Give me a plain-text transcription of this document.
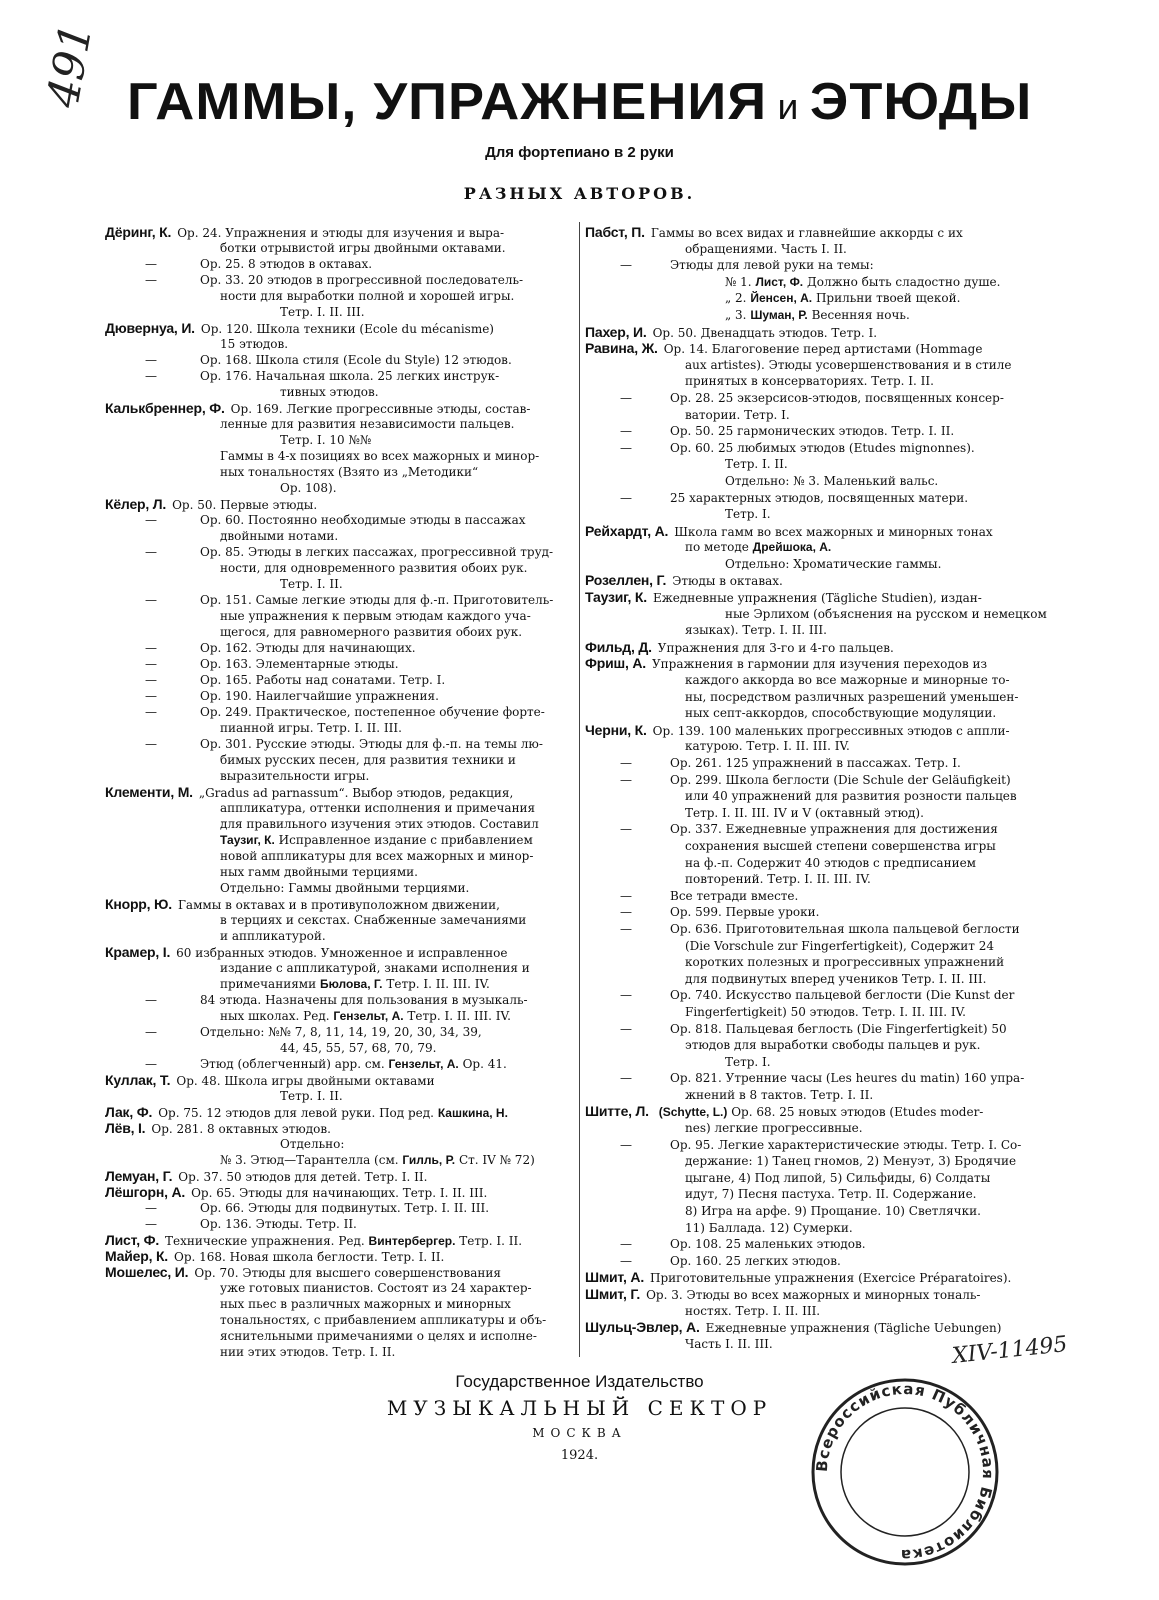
ГАММЫ, УПРАЖНЕНИЯ и ЭТЮДЫ
Для фортепиано в 2 руки
РАЗНЫХ АВТОРОВ.
Дёринг, К. Ор. 24. Упражнения и этюды для изучения и выра-
ботки отрывистой игры двойными октавами.
—	Ор. 25. 8 этюдов в октавах.
—	Ор. 33. 20 этюдов в прогрессивной последователь-
ности для выработки полной и хорошей игры.
Тетр. I. II. III.
Дювернуа, И. Ор. 120. Школа техники (Ecole du mécanisme)
15 этюдов.
—	Ор. 168. Школа стиля (Ecole du Style) 12 этюдов.
—	Ор. 176. Начальная школа. 25 легких инструк-
тивных этюдов.
Калькбреннер, Ф. Ор. 169. Легкие прогрессивные этюды, состав-
ленные для развития независимости пальцев.
Тетр. I. 10 №№
Гаммы в 4-х позициях во всех мажорных и минор-
ных тональностях (Взято из „Методики“
Ор. 108).
Кёлер, Л. Ор. 50. Первые этюды.
—	Ор. 60. Постоянно необходимые этюды в пассажах
двойными нотами.
—	Ор. 85. Этюды в легких пассажах, прогрессивной труд-
ности, для одновременного развития обоих рук.
Тетр. I. II.
—	Ор. 151. Самые легкие этюды для ф.-п. Приготовитель-
ные упражнения к первым этюдам каждого уча-
щегося, для равномерного развития обоих рук.
—	Ор. 162. Этюды для начинающих.
—	Ор. 163. Элементарные этюды.
—	Ор. 165. Работы над сонатами. Тетр. I.
—	Ор. 190. Наилегчайшие упражнения.
—	Ор. 249. Практическое, постепенное обучение форте-
пианной игры. Тетр. I. II. III.
—	Ор. 301. Русские этюды. Этюды для ф.-п. на темы лю-
бимых русских песен, для развития техники и
выразительности игры.
Клементи, М. „Gradus ad parnassum“. Выбор этюдов, редакция,
аппликатура, оттенки исполнения и примечания
для правильного изучения этих этюдов. Составил
Таузиг, К. Исправленное издание с прибавлением
новой аппликатуры для всех мажорных и минор-
ных гамм двойными терциями.
Отдельно: Гаммы двойными терциями.
Кнорр, Ю. Гаммы в октавах и в противуположном движении,
в терциях и секстах. Снабженные замечаниями
и аппликатурой.
Крамер, I. 60 избранных этюдов. Умноженное и исправленное
издание с аппликатурой, знаками исполнения и
примечаниями Бюлова, Г. Тетр. I. II. III. IV.
—	84 этюда. Назначены для пользования в музыкаль-
ных школах. Ред. Гензельт, А. Тетр. I. II. III. IV.
—	Отдельно: №№ 7, 8, 11, 14, 19, 20, 30, 34, 39,
44, 45, 55, 57, 68, 70, 79.
—	Этюд (облегченный) арр. см. Гензельт, А. Ор. 41.
Куллак, Т. Ор. 48. Школа игры двойными октавами
Тетр. I. II.
Лак, Ф. Ор. 75. 12 этюдов для левой руки. Под ред. Кашкина, Н.
Лёв, I. Ор. 281. 8 октавных этюдов.
Отдельно:
№ 3. Этюд—Тарантелла (см. Гилль, Р. Ст. IV № 72)
Лемуан, Г. Ор. 37. 50 этюдов для детей. Тетр. I. II.
Лёшгорн, А. Ор. 65. Этюды для начинающих. Тетр. I. II. III.
—	Ор. 66. Этюды для подвинутых. Тетр. I. II. III.
—	Ор. 136. Этюды. Тетр. II.
Лист, Ф. Технические упражнения. Ред. Винтербергер. Тетр. I. II.
Майер, К. Ор. 168. Новая школа беглости. Тетр. I. II.
Мошелес, И. Ор. 70. Этюды для высшего совершенствования
уже готовых пианистов. Состоят из 24 характер-
ных пьес в различных мажорных и минорных
тональностях, с прибавлением аппликатуры и объ-
яснительными примечаниями о целях и исполне-
нии этих этюдов. Тетр. I. II.
Пабст, П. Гаммы во всех видах и главнейшие аккорды с их
обращениями. Часть I. II.
—	Этюды для левой руки на темы:
№ 1. Лист, Ф. Должно быть сладостно душе.
„ 2. Йенсен, А. Прильни твоей щекой.
„ 3. Шуман, Р. Весенняя ночь.
Пахер, И. Ор. 50. Двенадцать этюдов. Тетр. I.
Равина, Ж. Ор. 14. Благоговение перед артистами (Hommage
aux artistes). Этюды усовершенствования и в стиле
принятых в консерваториях. Тетр. I. II.
—	Ор. 28. 25 экзерсисов-этюдов, посвященных консер-
ватории. Тетр. I.
—	Ор. 50. 25 гармонических этюдов. Тетр. I. II.
—	Ор. 60. 25 любимых этюдов (Etudes mignonnes).
Тетр. I. II.
Отдельно: № 3. Маленький вальс.
—	25 характерных этюдов, посвященных матери.
Тетр. I.
Рейхардт, А. Школа гамм во всех мажорных и минорных тонах
по методе Дрейшока, А.
Отдельно: Хроматические гаммы.
Розеллен, Г. Этюды в октавах.
Таузиг, К. Ежедневные упражнения (Tägliche Studien), издан-
ные Эрлихом (объяснения на русском и немецком
языках). Тетр. I. II. III.
Фильд, Д. Упражнения для 3-го и 4-го пальцев.
Фриш, А. Упражнения в гармонии для изучения переходов из
каждого аккорда во все мажорные и минорные то-
ны, посредством различных разрешений уменьшен-
ных септ-аккордов, способствующие модуляции.
Черни, К. Ор. 139. 100 маленьких прогрессивных этюдов с аппли-
катурою. Тетр. I. II. III. IV.
—	Ор. 261. 125 упражнений в пассажах. Тетр. I.
—	Ор. 299. Школа беглости (Die Schule der Geläufigkeit)
или 40 упражнений для развития розности пальцев
Тетр. I. II. III. IV и V (октавный этюд).
—	Ор. 337. Ежедневные упражнения для достижения
сохранения высшей степени совершенства игры
на ф.-п. Содержит 40 этюдов с предписанием
повторений. Тетр. I. II. III. IV.
—	Все тетради вместе.
—	Ор. 599. Первые уроки.
—	Ор. 636. Приготовительная школа пальцевой беглости
(Die Vorschule zur Fingerfertigkeit), Содержит 24
коротких полезных и прогрессивных упражнений
для подвинутых вперед учеников Тетр. I. II. III.
—	Ор. 740. Искусство пальцевой беглости (Die Kunst der
Fingerfertigkeit) 50 этюдов. Тетр. I. II. III. IV.
—	Ор. 818. Пальцевая беглость (Die Fingerfertigkeit) 50
этюдов для выработки свободы пальцев и рук.
Тетр. I.
—	Ор. 821. Утренние часы (Les heures du matin) 160 упра-
жнений в 8 тактов. Тетр. I. II.
Шитте, Л. (Schytte, L.) Ор. 68. 25 новых этюдов (Etudes moder-
nes) легкие прогрессивные.
—	Ор. 95. Легкие характеристические этюды. Тетр. I. Со-
держание: 1) Танец гномов, 2) Менуэт, 3) Бродячие
цыгане, 4) Под липой, 5) Сильфиды, 6) Солдаты
идут, 7) Песня пастуха. Тетр. II. Содержание.
8) Игра на арфе. 9) Прощание. 10) Светлячки.
11) Баллада. 12) Сумерки.
—	Ор. 108. 25 маленьких этюдов.
—	Ор. 160. 25 легких этюдов.
Шмит, А. Приготовительные упражнения (Exercice Préparatoires).
Шмит, Г. Ор. 3. Этюды во всех мажорных и минорных тональ-
ностях. Тетр. I. II. III.
Шульц-Эвлер, А. Ежедневные упражнения (Tägliche Uebungen)
Часть I. II. III.
Государственное Издательство
МУЗЫКАЛЬНЫЙ СЕКТОР
МОСКВА
1924.
491
XIV-11495
Всероссийская Публичная Библиотека
